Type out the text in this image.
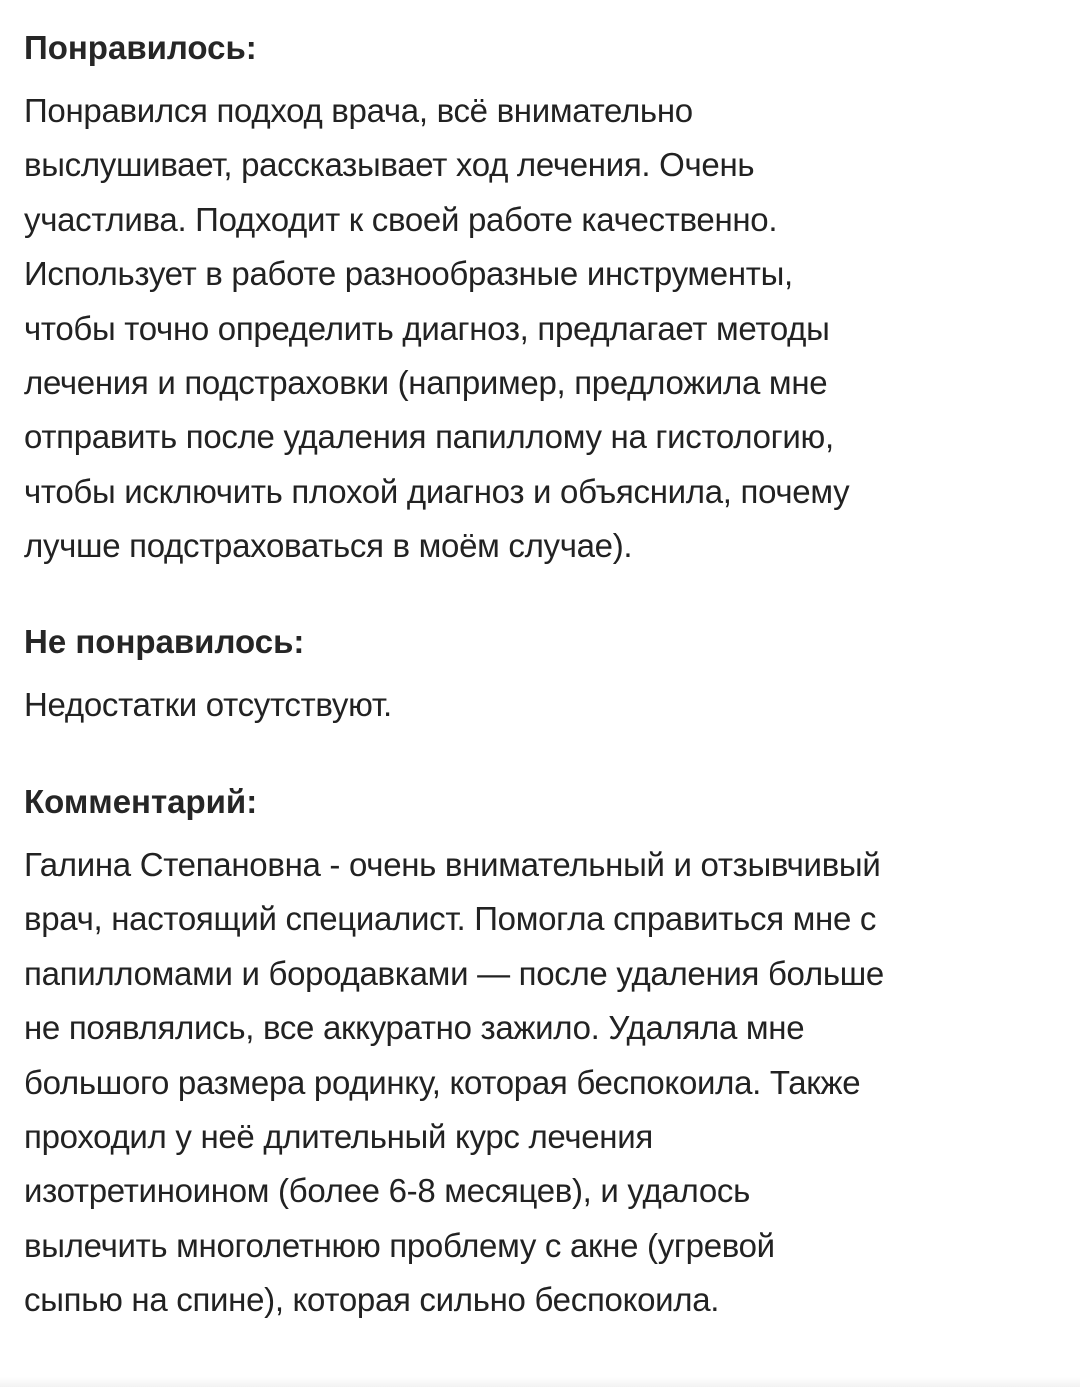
Понравилось:

Понравился подход врача, всё внимательно
выслушивает, рассказывает ход лечения. Очень
участлива. Подходит к своей работе качественно.
Использует в работе разнообразные инструменты,
чтобы точно определить диагноз, предлагает методы
лечения и подстраховки (например, предложила мне
отправить после удаления папиллому на гистологию,
чтобы исключить плохой диагноз и объяснила, почему
лучше подстраховаться в моём случае).

Не понравилось:

Недостатки отсутствуют.

Комментарий:

Галина Степановна - очень внимательный и отзывчивый
врач, настоящий специалист. Помогла справиться мне с
папилломами и бородавками — после удаления больше
не появлялись, все аккуратно зажило. Удаляла мне
большого размера родинку, которая беспокоила. Также
проходил у неё длительный курс лечения
изотретиноином (более 6-8 месяцев), и удалось
вылечить многолетнюю проблему с акне (угревой
сыпью на спине), которая сильно беспокоила.
